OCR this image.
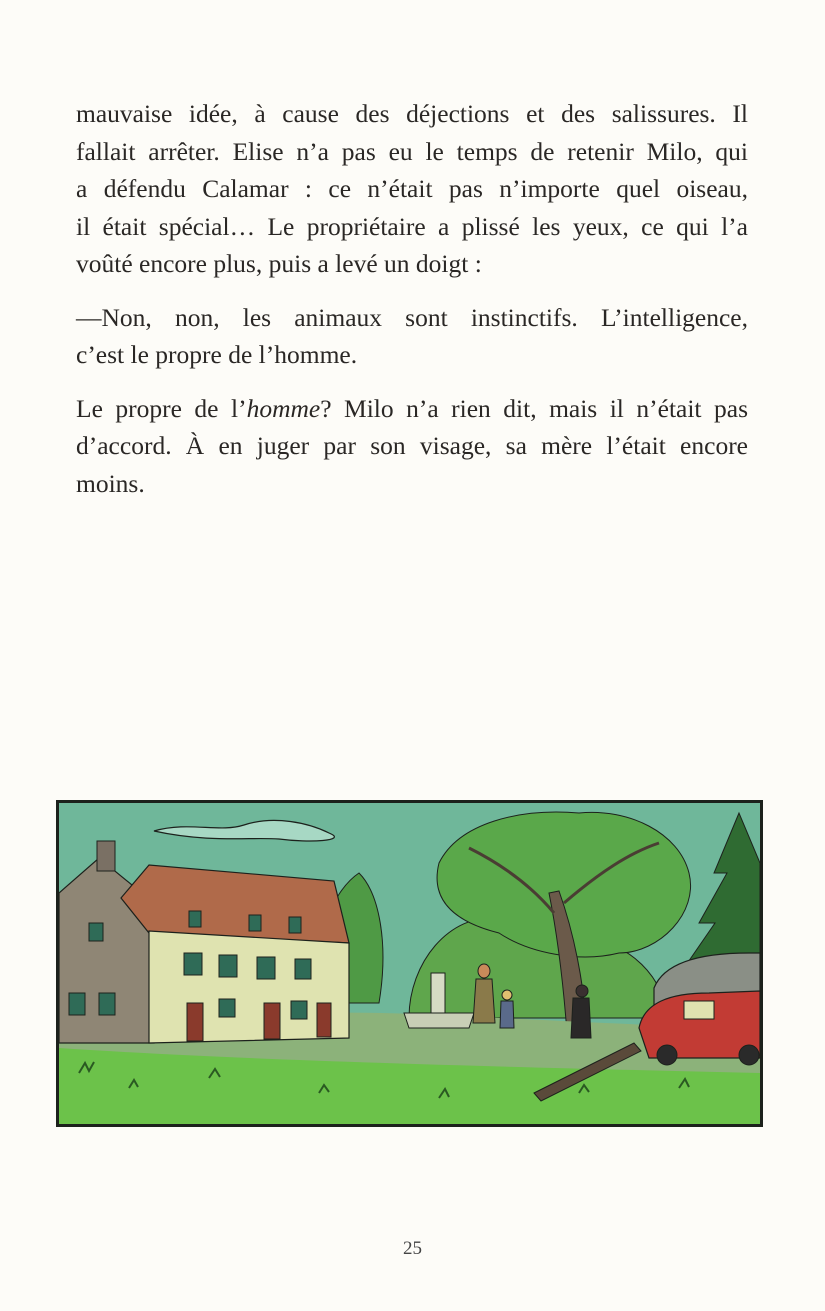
mauvaise idée, à cause des déjections et des salissures. Il
fallait arrêter. Elise n’a pas eu le temps de retenir Milo, qui
a défendu Calamar : ce n’était pas n’importe quel oiseau,
il était spécial… Le propriétaire a plissé les yeux, ce qui l’a
voûté encore plus, puis a levé un doigt :

—Non, non, les animaux sont instinctifs. L’intelligence,
c’est le propre de l’homme.

Le propre de l’homme? Milo n’a rien dit, mais il n’était pas
d’accord. À en juger par son visage, sa mère l’était encore
moins.

25
